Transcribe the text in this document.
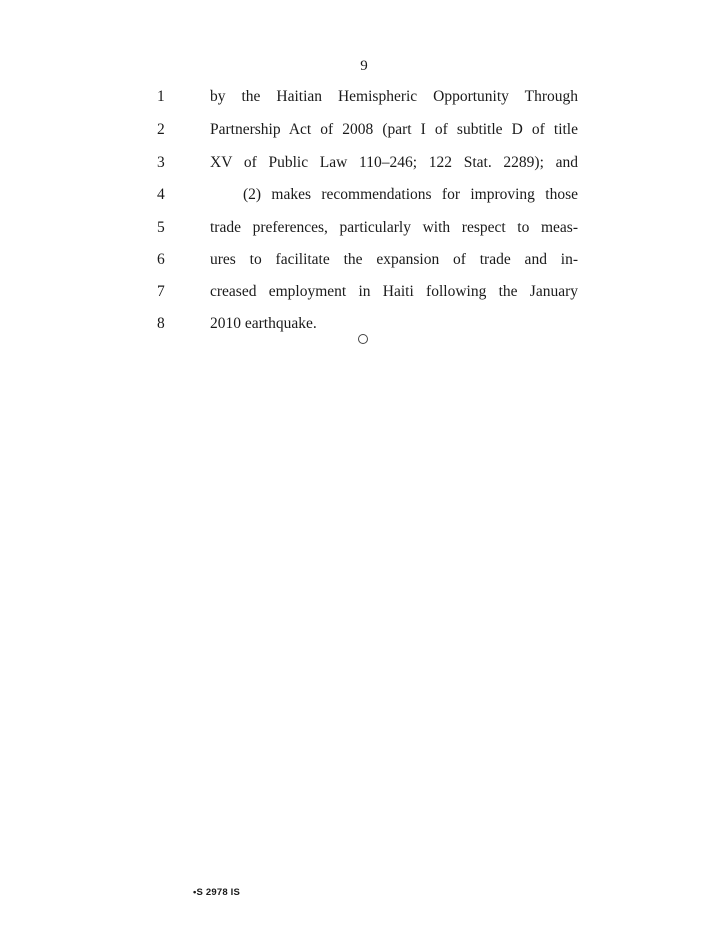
9
1	by the Haitian Hemispheric Opportunity Through
2	Partnership Act of 2008 (part I of subtitle D of title
3	XV of Public Law 110–246; 122 Stat. 2289); and
4	(2) makes recommendations for improving those
5	trade preferences, particularly with respect to meas-
6	ures to facilitate the expansion of trade and in-
7	creased employment in Haiti following the January
8	2010 earthquake.
•S 2978 IS
